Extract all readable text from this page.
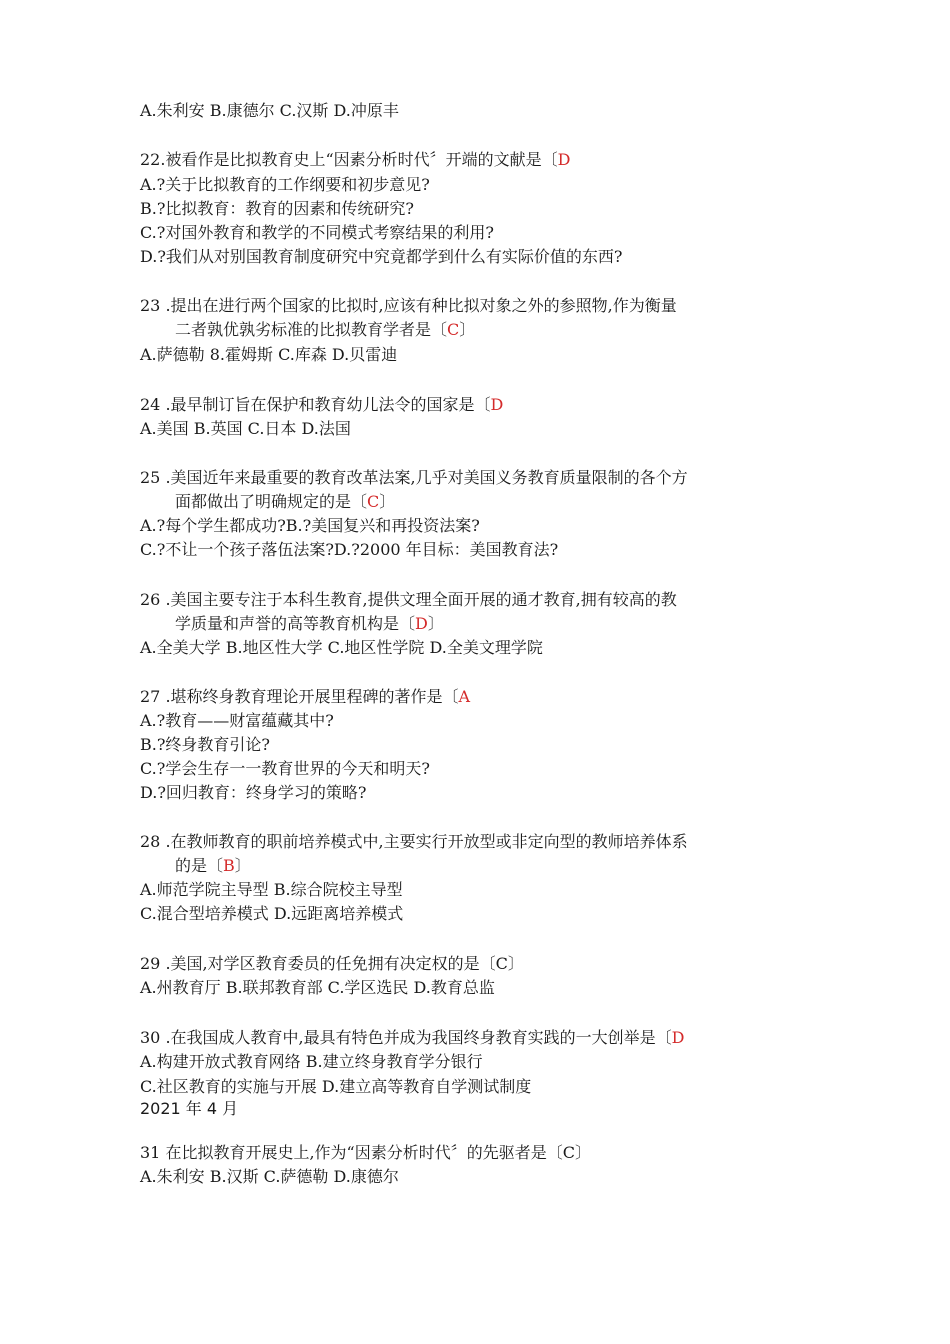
A.朱利安 B.康德尔 C.汉斯 D.冲原丰
22.被看作是比拟教育史上“因素分析时代〞开端的文献是〔D
A.?关于比拟教育的工作纲要和初步意见?
B.?比拟教育：教育的因素和传统研究?
C.?对国外教育和教学的不同模式考察结果的利用?
D.?我们从对别国教育制度研究中究竟都学到什么有实际价值的东西?
23 .提出在进行两个国家的比拟时,应该有种比拟对象之外的参照物,作为衡量
二者孰优孰劣标准的比拟教育学者是〔C〕
A.萨德勒 8.霍姆斯 C.库森 D.贝雷迪
24 .最早制订旨在保护和教育幼儿法令的国家是〔D
A.美国 B.英国 C.日本 D.法国
25 .美国近年来最重要的教育改革法案,几乎对美国义务教育质量限制的各个方
面都做出了明确规定的是〔C〕
A.?每个学生都成功?B.?美国复兴和再投资法案?
C.?不让一个孩子落伍法案?D.?2000 年目标：美国教育法?
26 .美国主要专注于本科生教育,提供文理全面开展的通才教育,拥有较高的教
学质量和声誉的高等教育机构是〔D〕
A.全美大学 B.地区性大学 C.地区性学院 D.全美文理学院
27 .堪称终身教育理论开展里程碑的著作是〔A
A.?教育——财富蕴藏其中?
B.?终身教育引论?
C.?学会生存一一教育世界的今天和明天?
D.?回归教育：终身学习的策略?
28 .在教师教育的职前培养模式中,主要实行开放型或非定向型的教师培养体系
的是〔B〕
A.师范学院主导型 B.综合院校主导型
C.混合型培养模式 D.远距离培养模式
29 .美国,对学区教育委员的任免拥有决定权的是〔C〕
A.州教育厅 B.联邦教育部 C.学区选民 D.教育总监
30 .在我国成人教育中,最具有特色并成为我国终身教育实践的一大创举是〔D
A.构建开放式教育网络 B.建立终身教育学分银行
C.社区教育的实施与开展 D.建立高等教育自学测试制度
2021 年 4 月
31 在比拟教育开展史上,作为“因素分析时代〞的先驱者是〔C〕
A.朱利安 B.汉斯 C.萨德勒 D.康德尔
